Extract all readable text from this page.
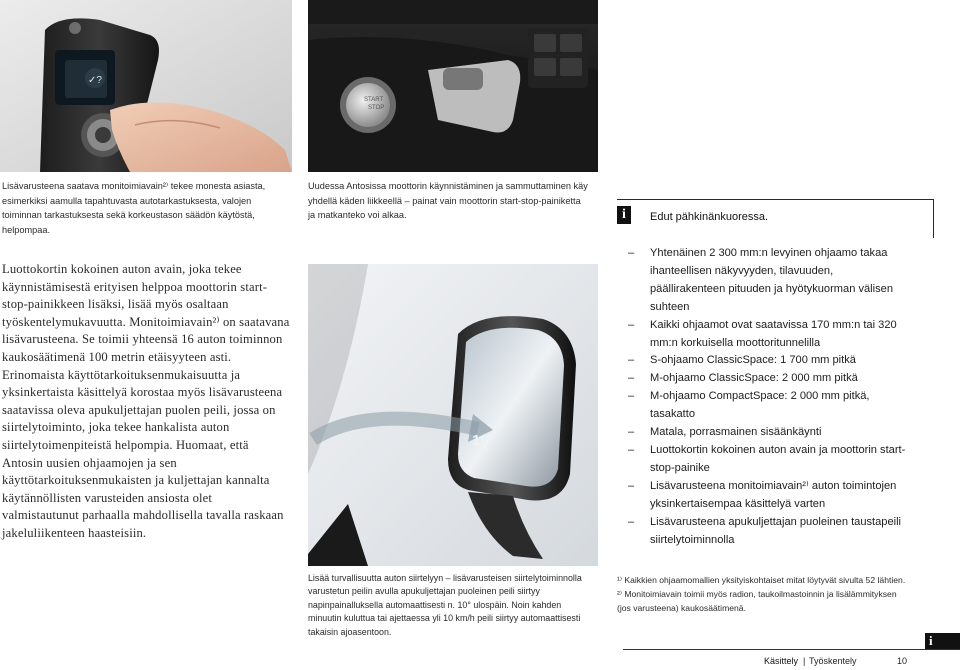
✓?
Lisävarusteena saatava monitoimiavain²⁾ tekee monesta asiasta, esimerkiksi aamulla tapahtuvasta autotarkastuksesta, valojen toiminnan tarkastuksesta sekä korkeustason säädön käytöstä, helpompaa.
START
STOP
Uudessa Antosissa moottorin käynnistäminen ja sammuttaminen käy yhdellä käden liikkeellä – painat vain moottorin start-stop-painiketta ja matkanteko voi alkaa.	i	Edut pähkinänkuoressa.
Luottokortin kokoinen auton avain, joka tekee käynnistämisestä erityisen helppoa moottorin start-stop-painikkeen lisäksi, lisää myös osaltaan työskentelymukavuutta. Monitoimiavain²⁾ on saatavana lisävarusteena. Se toimii yhteensä 16 auton toiminnon kaukosäätimenä 100 metrin etäisyyteen asti. Erinomaista käyttötarkoituksenmukaisuutta ja yksinkertaista käsittelyä korostaa myös lisävarusteena saatavissa oleva apukuljettajan puolen peili, jossa on siirtelytoiminto, joka tekee hankalista auton siirtelytoimenpiteistä helpompia. Huomaat, että Antosin uusien ohjaamojen ja sen käyttötarkoituksenmukaisten ja kuljettajan kannalta käytännöllisten varusteiden ansiosta olet valmistautunut parhaalla mahdollisella tavalla raskaan jakeluliikenteen haasteisiin.
10°
Lisää turvallisuutta auton siirtelyyn – lisävarusteisen siirtelytoiminnolla varustetun peilin avulla apukuljettajan puoleinen peili siirtyy napinpainalluksella automaattisesti n. 10° ulospäin. Noin kahden minuutin kuluttua tai ajettaessa yli 10 km/h peili siirtyy automaattisesti takaisin ajoasentoon.
– Yhtenäinen 2 300 mm:n levyinen ohjaamo takaa ihanteellisen näkyvyyden, tilavuuden, päällirakenteen pituuden ja hyötykuorman välisen suhteen
– Kaikki ohjaamot ovat saatavissa 170 mm:n tai 320 mm:n korkuisella moottoritunnelilla
– S-ohjaamo ClassicSpace: 1 700 mm pitkä
– M-ohjaamo ClassicSpace: 2 000 mm pitkä
– M-ohjaamo CompactSpace: 2 000 mm pitkä, tasakatto
– Matala, porrasmainen sisäänkäynti
– Luottokortin kokoinen auton avain ja moottorin start-stop-painike
– Lisävarusteena monitoimiavain²⁾ auton toimintojen yksinkertaisempaa käsittelyä varten
– Lisävarusteena apukuljettajan puoleinen taustapeili siirtelytoiminnolla
¹⁾ Kaikkien ohjaamomallien yksityiskohtaiset mitat löytyvät sivulta 52 lähtien.
²⁾ Monitoimiavain toimii myös radion, taukoilmastoinnin ja lisälämmityksen (jos varusteena) kaukosäätimenä.
i
Käsittely | Työskentely	10
